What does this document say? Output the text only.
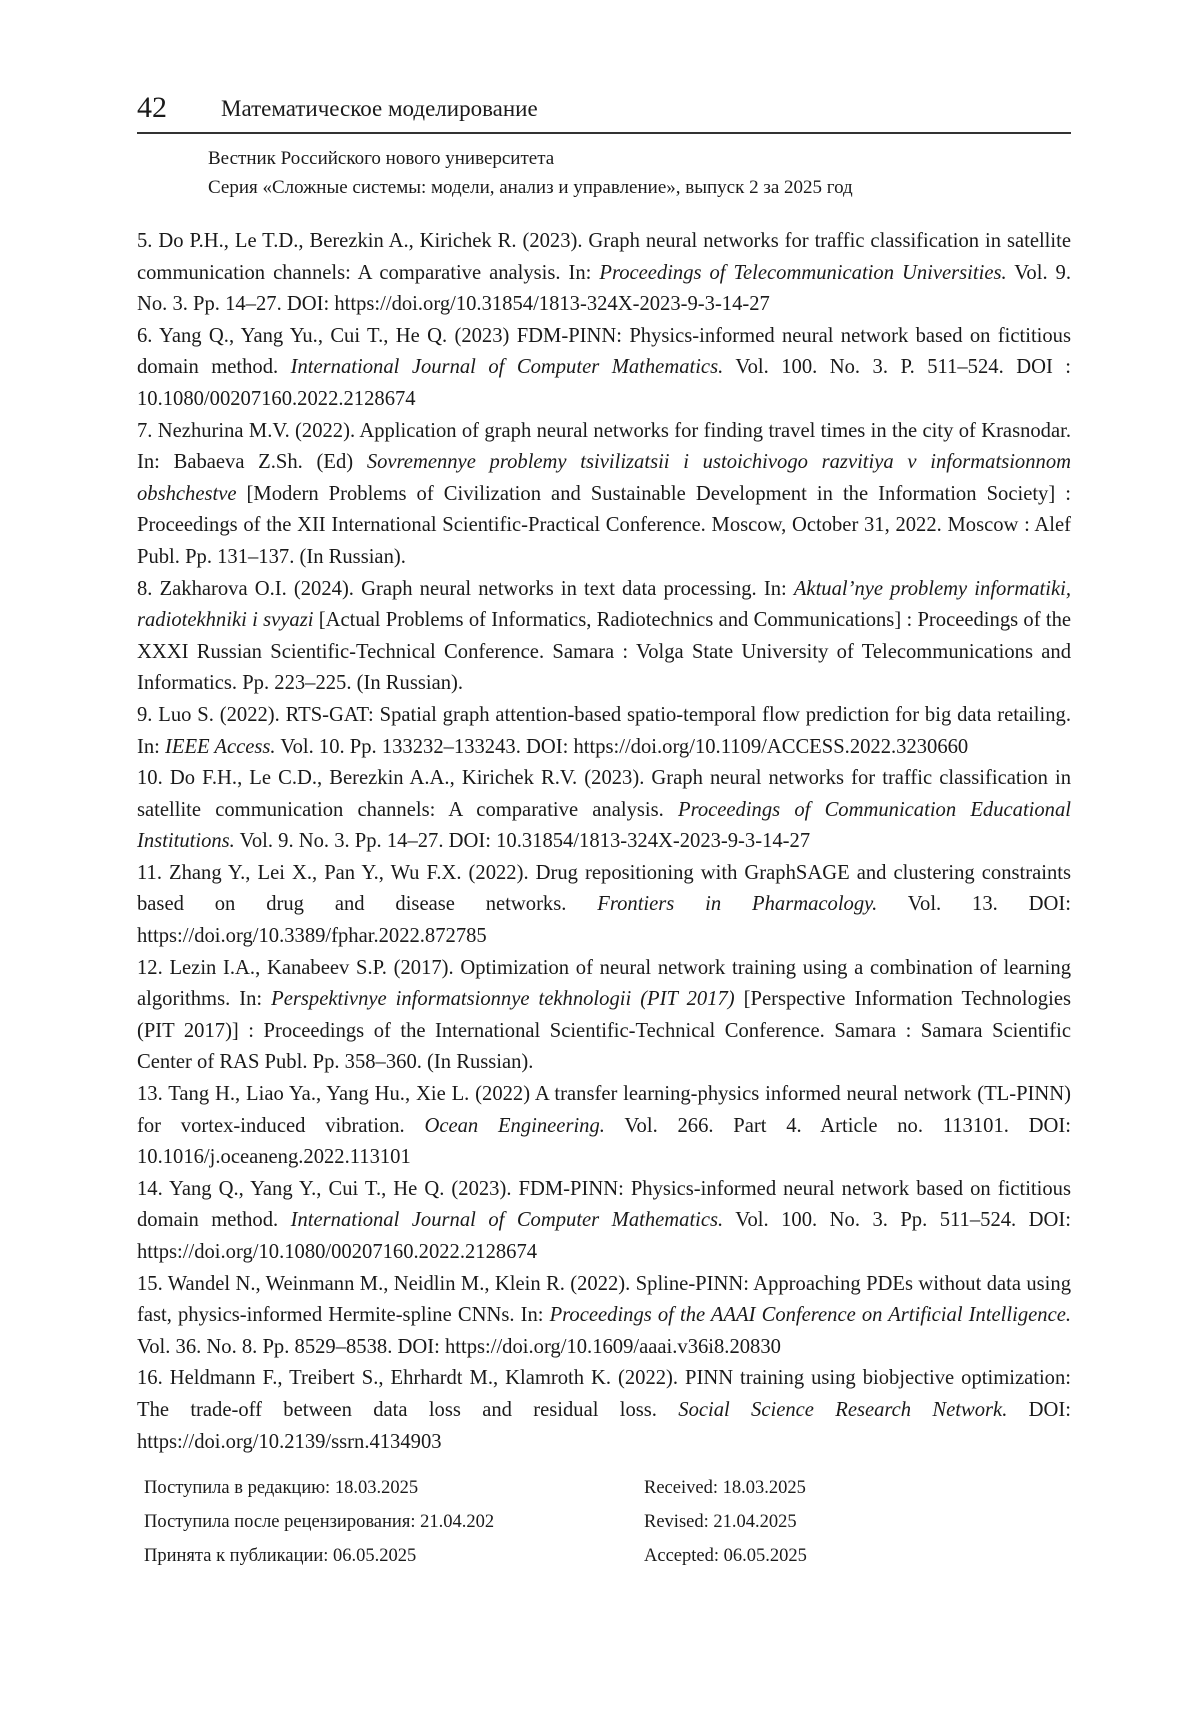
42 Математическое моделирование
Вестник Российского нового университета
Серия «Сложные системы: модели, анализ и управление», выпуск 2 за 2025 год
5. Do P.H., Le T.D., Berezkin A., Kirichek R. (2023). Graph neural networks for traffic classification in satellite communication channels: A comparative analysis. In: Proceedings of Telecommunication Universities. Vol. 9. No. 3. Pp. 14–27. DOI: https://doi.org/10.31854/1813-324X-2023-9-3-14-27
6. Yang Q., Yang Yu., Cui T., He Q. (2023) FDM-PINN: Physics-informed neural network based on fictitious domain method. International Journal of Computer Mathematics. Vol. 100. No. 3. P. 511–524. DOI : 10.1080/00207160.2022.2128674
7. Nezhurina M.V. (2022). Application of graph neural networks for finding travel times in the city of Krasnodar. In: Babaeva Z.Sh. (Ed) Sovremennye problemy tsivilizatsii i ustoichivogo razvitiya v informatsionnom obshchestve [Modern Problems of Civilization and Sustainable Development in the Information Society] : Proceedings of the XII International Scientific-Practical Conference. Moscow, October 31, 2022. Moscow : Alef Publ. Pp. 131–137. (In Russian).
8. Zakharova O.I. (2024). Graph neural networks in text data processing. In: Aktual’nye problemy informatiki, radiotekhniki i svyazi [Actual Problems of Informatics, Radiotechnics and Communications] : Proceedings of the XXXI Russian Scientific-Technical Conference. Samara : Volga State University of Telecommunications and Informatics. Pp. 223–225. (In Russian).
9. Luo S. (2022). RTS-GAT: Spatial graph attention-based spatio-temporal flow prediction for big data retailing. In: IEEE Access. Vol. 10. Pp. 133232–133243. DOI: https://doi.org/10.1109/ACCESS.2022.3230660
10. Do F.H., Le C.D., Berezkin A.A., Kirichek R.V. (2023). Graph neural networks for traffic classification in satellite communication channels: A comparative analysis. Proceedings of Communication Educational Institutions. Vol. 9. No. 3. Pp. 14–27. DOI: 10.31854/1813-324X-2023-9-3-14-27
11. Zhang Y., Lei X., Pan Y., Wu F.X. (2022). Drug repositioning with GraphSAGE and clustering constraints based on drug and disease networks. Frontiers in Pharmacology. Vol. 13. DOI: https://doi.org/10.3389/fphar.2022.872785
12. Lezin I.A., Kanabeev S.P. (2017). Optimization of neural network training using a combination of learning algorithms. In: Perspektivnye informatsionnye tekhnologii (PIT 2017) [Perspective Information Technologies (PIT 2017)] : Proceedings of the International Scientific-Technical Conference. Samara : Samara Scientific Center of RAS Publ. Pp. 358–360. (In Russian).
13. Tang H., Liao Ya., Yang Hu., Xie L. (2022) A transfer learning-physics informed neural network (TL-PINN) for vortex-induced vibration. Ocean Engineering. Vol. 266. Part 4. Article no. 113101. DOI: 10.1016/j.oceaneng.2022.113101
14. Yang Q., Yang Y., Cui T., He Q. (2023). FDM-PINN: Physics-informed neural network based on fictitious domain method. International Journal of Computer Mathematics. Vol. 100. No. 3. Pp. 511–524. DOI: https://doi.org/10.1080/00207160.2022.2128674
15. Wandel N., Weinmann M., Neidlin M., Klein R. (2022). Spline-PINN: Approaching PDEs without data using fast, physics-informed Hermite-spline CNNs. In: Proceedings of the AAAI Conference on Artificial Intelligence. Vol. 36. No. 8. Pp. 8529–8538. DOI: https://doi.org/10.1609/aaai.v36i8.20830
16. Heldmann F., Treibert S., Ehrhardt M., Klamroth K. (2022). PINN training using biobjective optimization: The trade-off between data loss and residual loss. Social Science Research Network. DOI: https://doi.org/10.2139/ssrn.4134903
Поступила в редакцию: 18.03.2025	Received: 18.03.2025
Поступила после рецензирования: 21.04.202	Revised: 21.04.2025
Принята к публикации: 06.05.2025	Accepted: 06.05.2025
